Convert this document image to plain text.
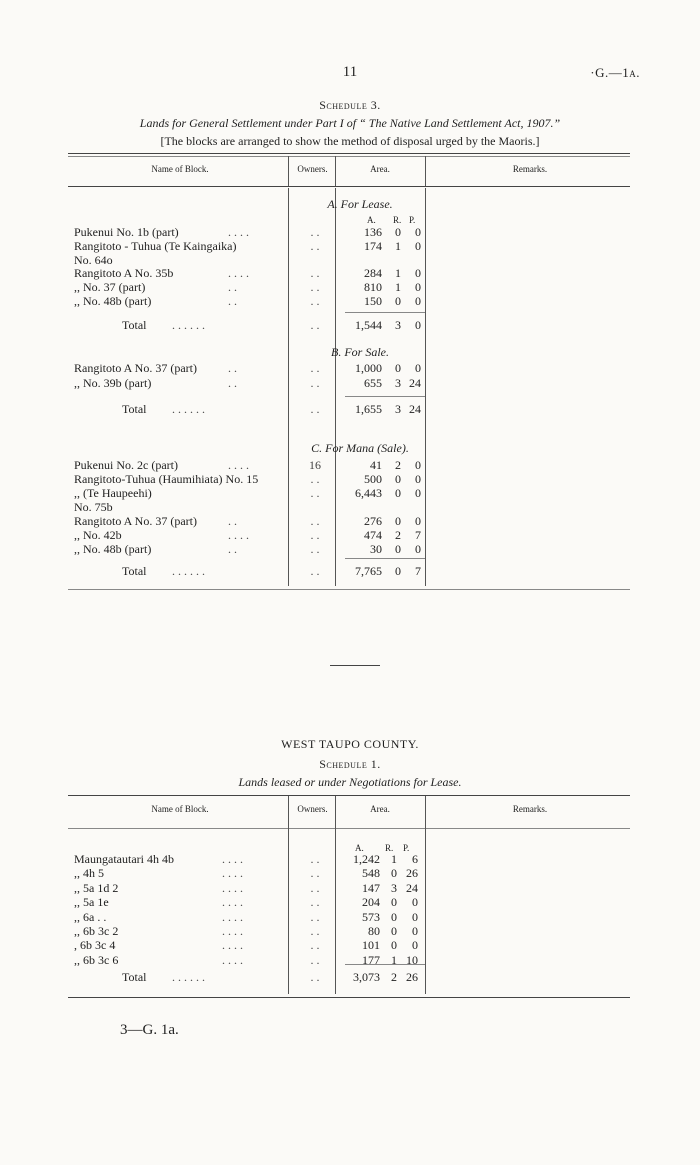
11	·G.—1a.
Schedule 3.
Lands for General Settlement under Part I of “ The Native Land Settlement Act, 1907.”
[The blocks are arranged to show the method of disposal urged by the Maoris.]
Name of Block.	Owners.	Area.	Remarks.
A. For Lease.
A. R. P.
Pukenui No. 1b (part)	. . . .	. .	136	0	0
Rangitoto - Tuhua (Te Kaingaika)	. .	174	1	0
No. 64o
Rangitoto A No. 35b	. . . .	. .	284	1	0
,, No. 37 (part)	. .	. .	810	1	0
,, No. 48b (part)	. .	. .	150	0	0
Total . . . . . .	. .	1,544	3	0
B. For Sale.
Rangitoto A No. 37 (part)	. .	. .	1,000	0	0
,, No. 39b (part)	. .	. .	655	3 24
Total . . . . . .	. .	1,655	3 24
C. For Mana (Sale).
Pukenui No. 2c (part)	. . . .	16	41	2	0
Rangitoto-Tuhua (Haumihiata) No. 15	. .	500	0	0
,, (Te Haupeehi)	. .	6,443	0	0
No. 75b
Rangitoto A No. 37 (part)	. .	. .	276	0	0
,, No. 42b	. . . .	. .	474	2	7
,, No. 48b (part)	. .	. .	30	0	0
Total . . . . . .	. .	7,765	0	7
WEST TAUPO COUNTY.
Schedule 1.
Lands leased or under Negotiations for Lease.
Name of Block.	Owners.	Area.	Remarks.
A. R. P.
Maungatautari 4h 4b	. . . .	. .	1,242 1	6
,, 4h 5	. . . .	. .	548 0 26
,, 5a 1d 2	. . . .	. .	147 3 24
,, 5a 1e	. . . .	. .	204 0	0
,, 6a . .	. . . .	. .	573 0	0
,, 6b 3c 2	. . . .	. .	80 0	0
, 6b 3c 4	. . . .	. .	101 0	0
,, 6b 3c 6	. . . .	. .	177 1 10
Total . . . . . .	. .	3,073 2 26
3—G. 1a.
